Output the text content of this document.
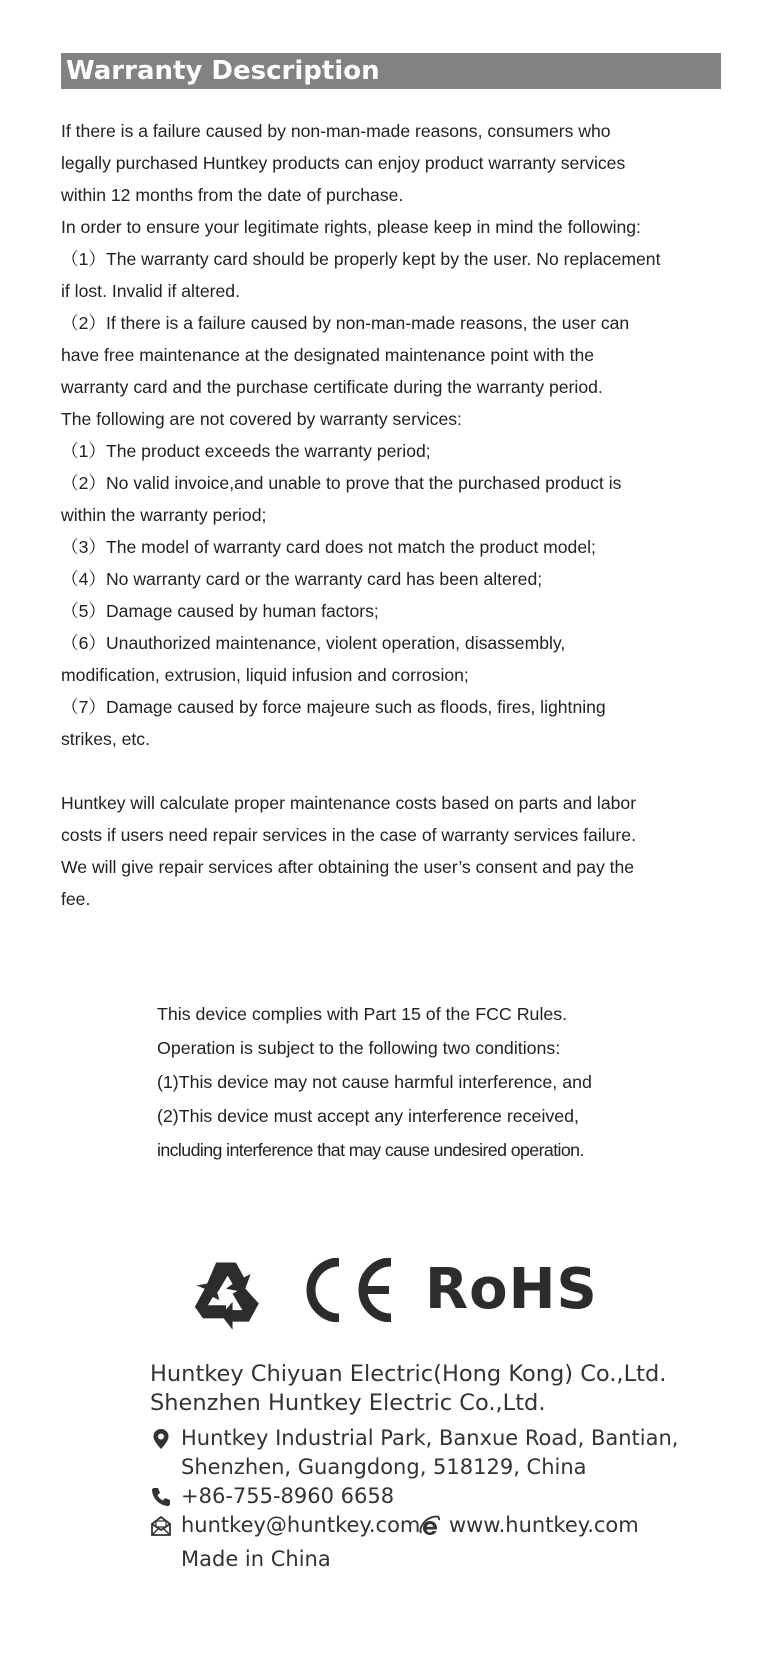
Warranty Description
If there is a failure caused by non-man-made reasons, consumers who
legally purchased Huntkey products can enjoy product warranty services
within 12 months from the date of purchase.
In order to ensure your legitimate rights, please keep in mind the following:
（1）The warranty card should be properly kept by the user. No replacement
if lost. Invalid if altered.
（2）If there is a failure caused by non-man-made reasons, the user can
have free maintenance at the designated maintenance point with the
warranty card and the purchase certificate during the warranty period.
The following are not covered by warranty services:
（1）The product exceeds the warranty period;
（2）No valid invoice,and unable to prove that the purchased product is
within the warranty period;
（3）The model of warranty card does not match the product model;
（4）No warranty card or the warranty card has been altered;
（5）Damage caused by human factors;
（6）Unauthorized maintenance, violent operation, disassembly,
modification, extrusion, liquid infusion and corrosion;
（7）Damage caused by force majeure such as floods, fires, lightning
strikes, etc.
Huntkey will calculate proper maintenance costs based on parts and labor
costs if users need repair services in the case of warranty services failure.
We will give repair services after obtaining the user’s consent and pay the
fee.
This device complies with Part 15 of the FCC Rules.
Operation is subject to the following two conditions:
(1)This device may not cause harmful interference, and
(2)This device must accept any interference received,
including interference that may cause undesired operation.
RoHS
Huntkey Chiyuan Electric(Hong Kong) Co.,Ltd.
Shenzhen Huntkey Electric Co.,Ltd.
Huntkey Industrial Park, Banxue Road, Bantian,
Shenzhen, Guangdong, 518129, China
+86-755-8960 6658
huntkey@huntkey.com www.huntkey.com
Made in China
